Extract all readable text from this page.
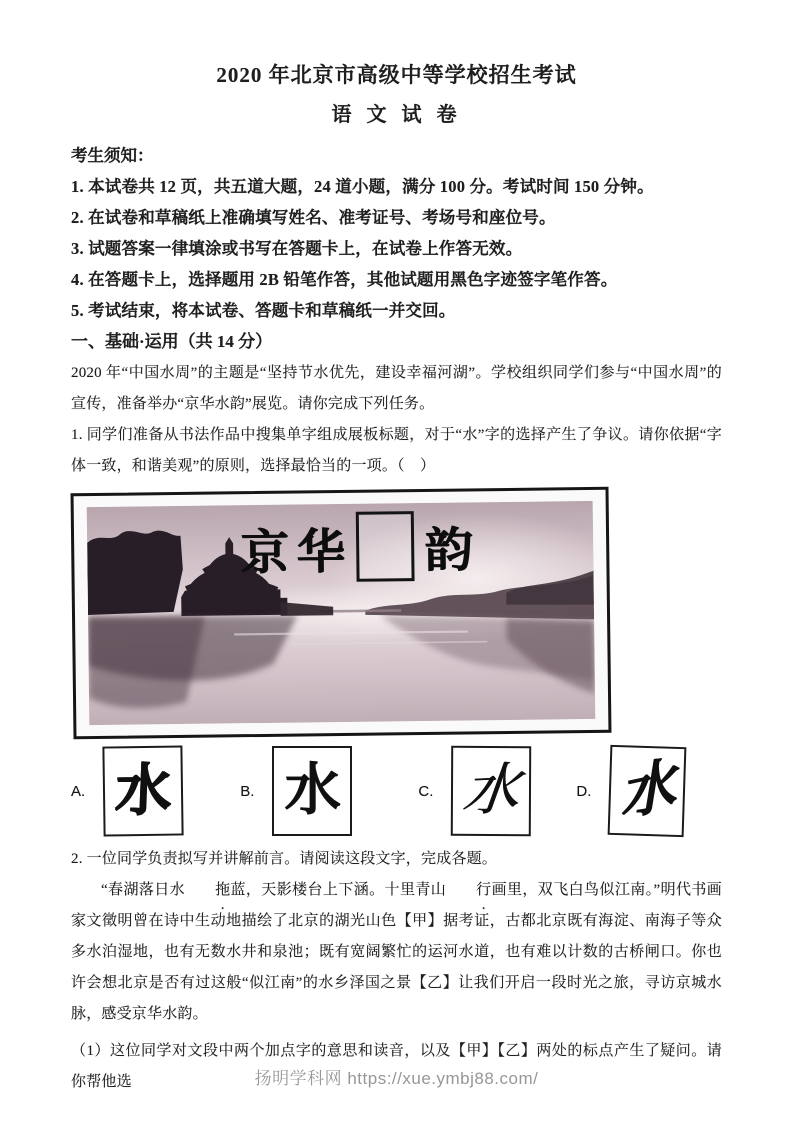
2020 年北京市高级中等学校招生考试
语 文 试 卷
考生须知：
1. 本试卷共 12 页，共五道大题，24 道小题，满分 100 分。考试时间 150 分钟。
2. 在试卷和草稿纸上准确填写姓名、准考证号、考场号和座位号。
3. 试题答案一律填涂或书写在答题卡上，在试卷上作答无效。
4. 在答题卡上，选择题用 2B 铅笔作答，其他试题用黑色字迹签字笔作答。
5. 考试结束，将本试卷、答题卡和草稿纸一并交回。
一、基础·运用（共 14 分）

2020 年“中国水周”的主题是“坚持节水优先，建设幸福河湖”。学校组织同学们参与“中国水周”的宣传，准备举办“京华水韵”展览。请你完成下列任务。

1. 同学们准备从书法作品中搜集单字组成展板标题，对于“水”字的选择产生了争议。请你依据“字体一致，和谐美观”的原则，选择最恰当的一项。（　）

京华 韵
A. 水	B. 水	C. 水	D. 水

2. 一位同学负责拟写并讲解前言。请阅读这段文字，完成各题。

“春湖落日水 拖蓝，天影楼台上下涵。十里青山 行画里，双飞白鸟似江南。”明代书画家文徵明曾在诗中生动地描绘了北京的湖光山色【甲】据考证，古都北京既有海淀、南海子等众多水泊湿地，也有无数水井和泉池；既有宽阔繁忙的运河水道，也有难以计数的古桥闸口。你也许会想北京是否有过这般“似江南”的水乡泽国之景【乙】让我们开启一段时光之旅，寻访京城水脉，感受京华水韵。

（1）这位同学对文段中两个加点字的意思和读音，以及【甲】【乙】两处的标点产生了疑问。请你帮他选	扬明学科网 https://xue.ymbj88.com/
